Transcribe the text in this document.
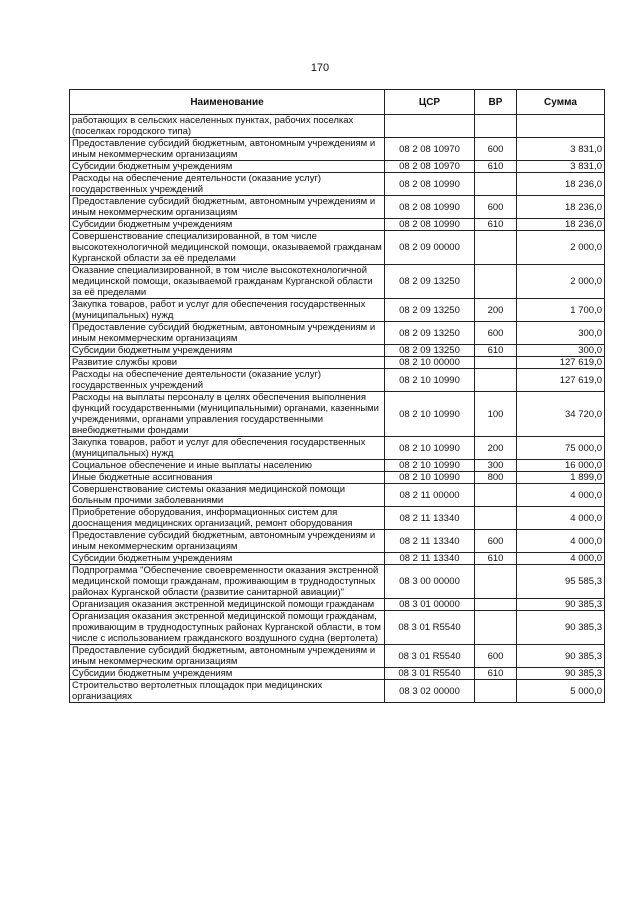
170
Наименование	ЦСР	ВР	Сумма
работающих в сельских населенных пунктах, рабочих поселках (поселках городского типа)			
Предоставление субсидий бюджетным, автономным учреждениям и иным некоммерческим организациям	08 2 08 10970	600	3 831,0
Субсидии бюджетным учреждениям	08 2 08 10970	610	3 831,0
Расходы на обеспечение деятельности (оказание услуг) государственных учреждений	08 2 08 10990		18 236,0
Предоставление субсидий бюджетным, автономным учреждениям и иным некоммерческим организациям	08 2 08 10990	600	18 236,0
Субсидии бюджетным учреждениям	08 2 08 10990	610	18 236,0
Совершенствование специализированной, в том числе высокотехнологичной медицинской помощи, оказываемой гражданам Курганской области за её пределами	08 2 09 00000		2 000,0
Оказание специализированной, в том числе высокотехнологичной медицинской помощи, оказываемой гражданам Курганской области за её пределами	08 2 09 13250		2 000,0
Закупка товаров, работ и услуг для обеспечения государственных (муниципальных) нужд	08 2 09 13250	200	1 700,0
Предоставление субсидий бюджетным, автономным учреждениям и иным некоммерческим организациям	08 2 09 13250	600	300,0
Субсидии бюджетным учреждениям	08 2 09 13250	610	300,0
Развитие службы крови	08 2 10 00000		127 619,0
Расходы на обеспечение деятельности (оказание услуг) государственных учреждений	08 2 10 10990		127 619,0
Расходы на выплаты персоналу в целях обеспечения выполнения функций государственными (муниципальными) органами, казенными учреждениями, органами управления государственными внебюджетными фондами	08 2 10 10990	100	34 720,0
Закупка товаров, работ и услуг для обеспечения государственных (муниципальных) нужд	08 2 10 10990	200	75 000,0
Социальное обеспечение и иные выплаты населению	08 2 10 10990	300	16 000,0
Иные бюджетные ассигнования	08 2 10 10990	800	1 899,0
Совершенствование системы оказания медицинской помощи больным прочими заболеваниями	08 2 11 00000		4 000,0
Приобретение оборудования, информационных систем для дооснащения медицинских организаций, ремонт оборудования	08 2 11 13340		4 000,0
Предоставление субсидий бюджетным, автономным учреждениям и иным некоммерческим организациям	08 2 11 13340	600	4 000,0
Субсидии бюджетным учреждениям	08 2 11 13340	610	4 000,0
Подпрограмма "Обеспечение своевременности оказания экстренной медицинской помощи гражданам, проживающим в труднодоступных районах Курганской области (развитие санитарной авиации)"	08 3 00 00000		95 585,3
Организация оказания экстренной медицинской помощи гражданам	08 3 01 00000		90 385,3
Организация оказания экстренной медицинской помощи гражданам, проживающим в труднодоступных районах Курганской области, в том числе с использованием гражданского воздушного судна (вертолета)	08 3 01 R5540		90 385,3
Предоставление субсидий бюджетным, автономным учреждениям и иным некоммерческим организациям	08 3 01 R5540	600	90 385,3
Субсидии бюджетным учреждениям	08 3 01 R5540	610	90 385,3
Строительство вертолетных площадок при медицинских организациях	08 3 02 00000		5 000,0
